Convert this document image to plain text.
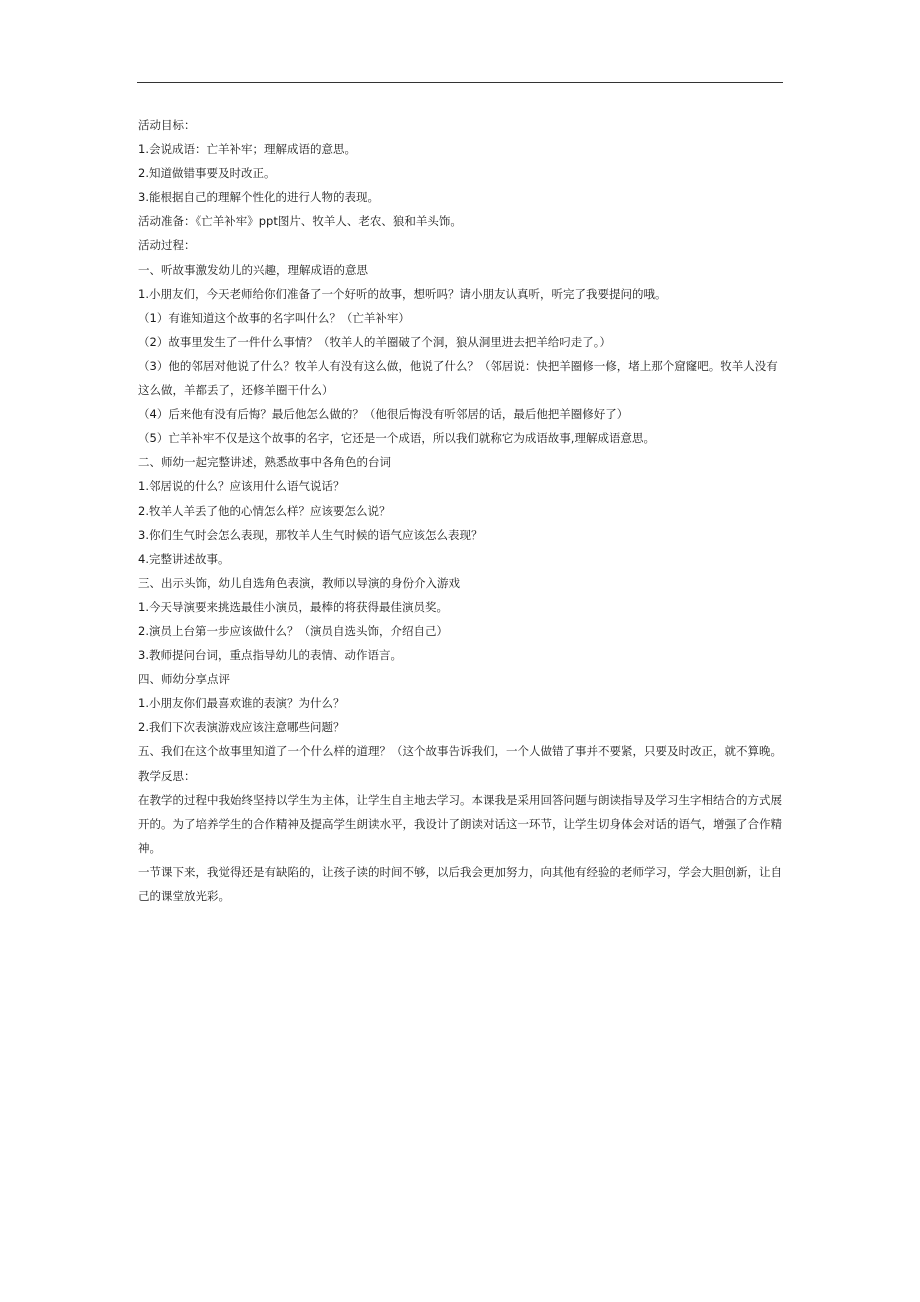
活动目标：

1.会说成语：亡羊补牢；理解成语的意思。

2.知道做错事要及时改正。

3.能根据自己的理解个性化的进行人物的表现。

活动准备：《亡羊补牢》ppt图片、牧羊人、老农、狼和羊头饰。

活动过程：

一、听故事激发幼儿的兴趣，理解成语的意思

1.小朋友们，今天老师给你们准备了一个好听的故事，想听吗？请小朋友认真听，听完了我要提问的哦。

（1）有谁知道这个故事的名字叫什么？（亡羊补牢）

（2）故事里发生了一件什么事情？（牧羊人的羊圈破了个洞，狼从洞里进去把羊给叼走了。）

（3）他的邻居对他说了什么？牧羊人有没有这么做，他说了什么？（邻居说：快把羊圈修一修，堵上那个窟窿吧。牧羊人没有这么做，羊都丢了，还修羊圈干什么）

（4）后来他有没有后悔？最后他怎么做的？（他很后悔没有听邻居的话，最后他把羊圈修好了）

（5）亡羊补牢不仅是这个故事的名字，它还是一个成语，所以我们就称它为成语故事,理解成语意思。

二、师幼一起完整讲述，熟悉故事中各角色的台词

1.邻居说的什么？应该用什么语气说话？

2.牧羊人羊丢了他的心情怎么样？应该要怎么说？

3.你们生气时会怎么表现，那牧羊人生气时候的语气应该怎么表现？

4.完整讲述故事。

三、出示头饰，幼儿自选角色表演，教师以导演的身份介入游戏

1.今天导演要来挑选最佳小演员，最棒的将获得最佳演员奖。

2.演员上台第一步应该做什么？（演员自选头饰，介绍自己）

3.教师提问台词，重点指导幼儿的表情、动作语言。

四、师幼分享点评

1.小朋友你们最喜欢谁的表演？为什么？

2.我们下次表演游戏应该注意哪些问题？

五、我们在这个故事里知道了一个什么样的道理？（这个故事告诉我们，一个人做错了事并不要紧，只要及时改正，就不算晚。

教学反思：

在教学的过程中我始终坚持以学生为主体，让学生自主地去学习。本课我是采用回答问题与朗读指导及学习生字相结合的方式展开的。为了培养学生的合作精神及提高学生朗读水平，我设计了朗读对话这一环节，让学生切身体会对话的语气，增强了合作精神。

一节课下来，我觉得还是有缺陷的，让孩子读的时间不够，以后我会更加努力，向其他有经验的老师学习，学会大胆创新，让自己的课堂放光彩。
